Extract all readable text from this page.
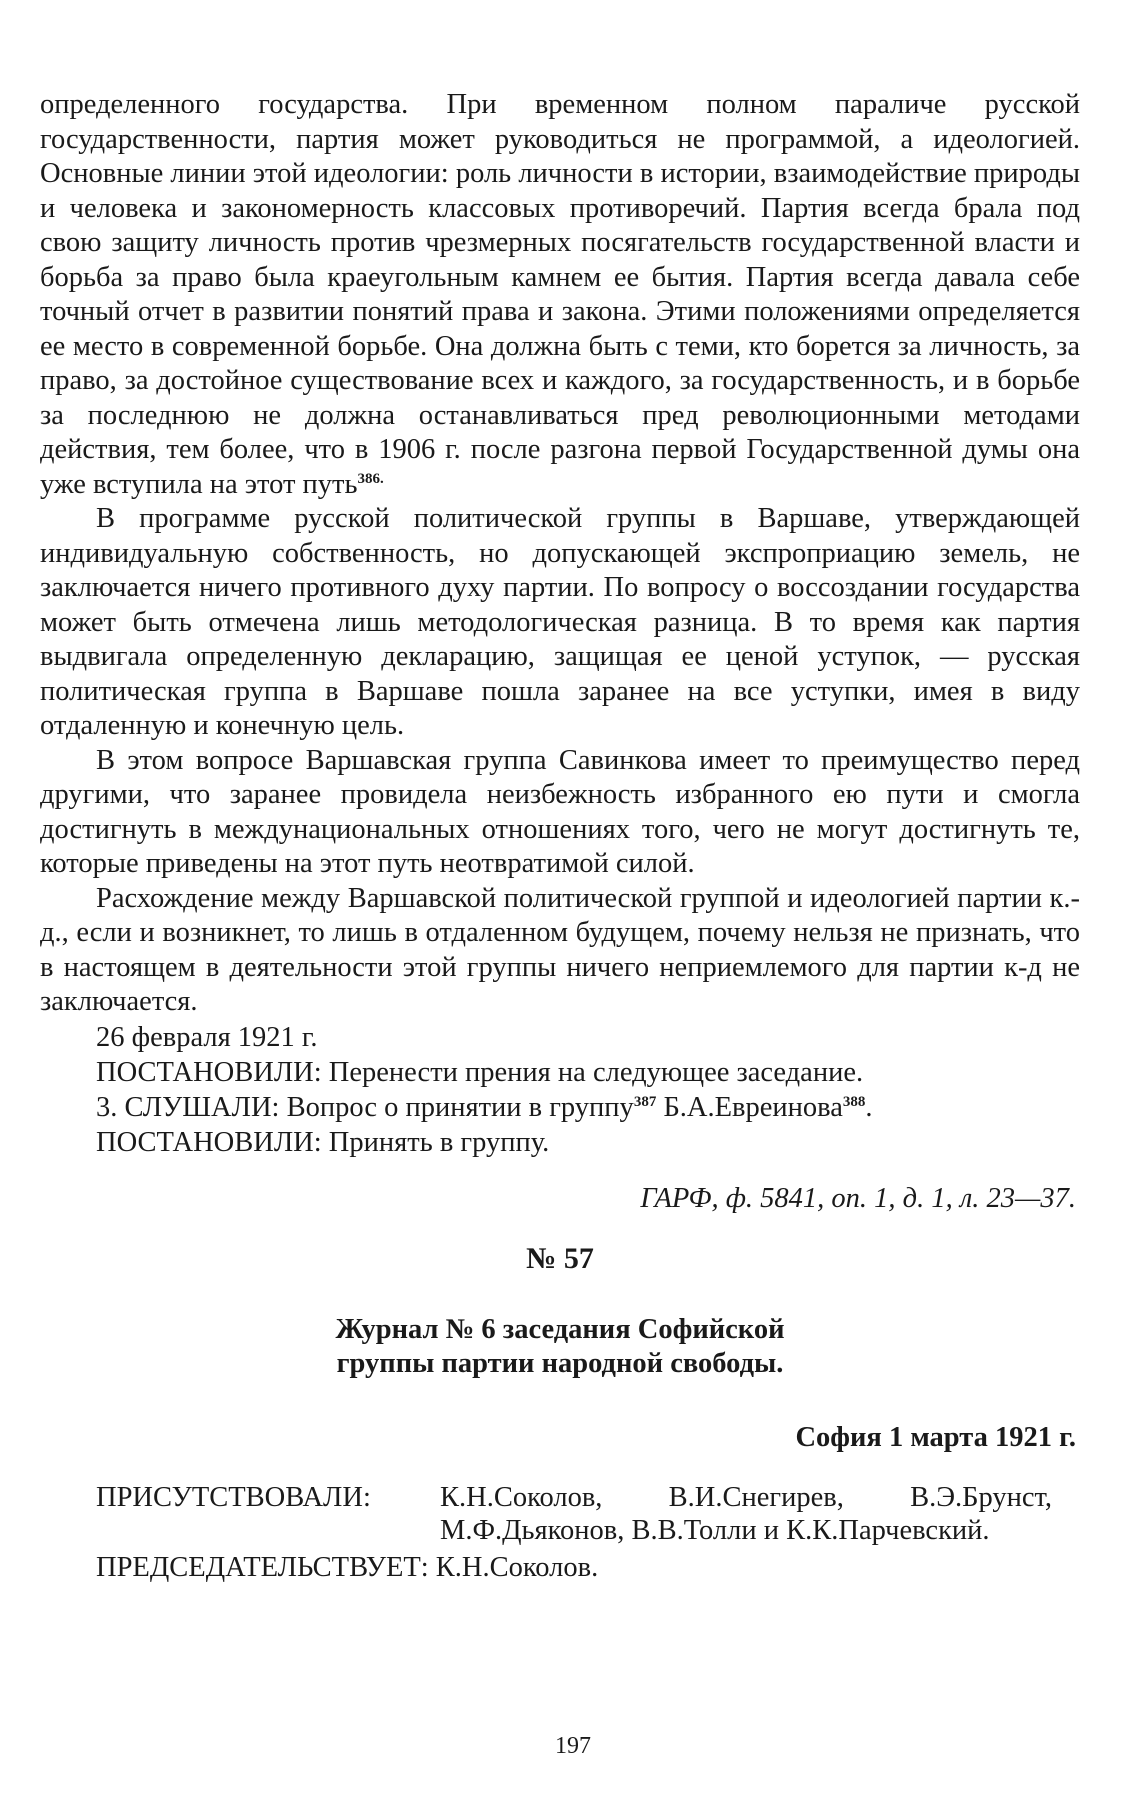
определенного государства. При временном полном параличе русской государственности, партия может руководиться не программой, а идеологией. Основные линии этой идеологии: роль личности в истории, взаимодействие природы и человека и закономерность классовых противоречий. Партия всегда брала под свою защиту личность против чрезмерных посягательств государственной власти и борьба за право была краеугольным камнем ее бытия. Партия всегда давала себе точный отчет в развитии понятий права и закона. Этими положениями определяется ее место в современной борьбе. Она должна быть с теми, кто борется за личность, за право, за достойное существование всех и каждого, за государственность, и в борьбе за последнюю не должна останавливаться пред революционными методами действия, тем более, что в 1906 г. после разгона первой Государственной думы она уже вступила на этот путь$^{386.}$

В программе русской политической группы в Варшаве, утверждающей индивидуальную собственность, но допускающей экспроприацию земель, не заключается ничего противного духу партии. По вопросу о воссоздании государства может быть отмечена лишь методологическая разница. В то время как партия выдвигала определенную декларацию, защищая ее ценой уступок, — русская политическая группа в Варшаве пошла заранее на все уступки, имея в виду отдаленную и конечную цель.

В этом вопросе Варшавская группа Савинкова имеет то преимущество перед другими, что заранее провидела неизбежность избранного ею пути и смогла достигнуть в междунациональных отношениях того, чего не могут достигнуть те, которые приведены на этот путь неотвратимой силой.

Расхождение между Варшавской политической группой и идеологией партии к.-д., если и возникнет, то лишь в отдаленном будущем, почему нельзя не признать, что в настоящем в деятельности этой группы ничего неприемлемого для партии к-д не заключается.

26 февраля 1921 г.

ПОСТАНОВИЛИ: Перенести прения на следующее заседание.

3. СЛУШАЛИ: Вопрос о принятии в группу$^{387}$ Б.А.Евреинова$^{388}$.

ПОСТАНОВИЛИ: Принять в группу.

ГАРФ, ф. 5841, оп. 1, д. 1, л. 23—37.
№ 57
Журнал № 6 заседания Софийской
группы партии народной свободы.
София 1 марта 1921 г.
ПРИСУТСТВОВАЛИ:	К.Н.Соколов, В.И.Снегирев, В.Э.Брунст, М.Ф.Дьяконов, В.В.Толли и К.К.Парчевский.

ПРЕДСЕДАТЕЛЬСТВУЕТ: К.Н.Соколов.

197
